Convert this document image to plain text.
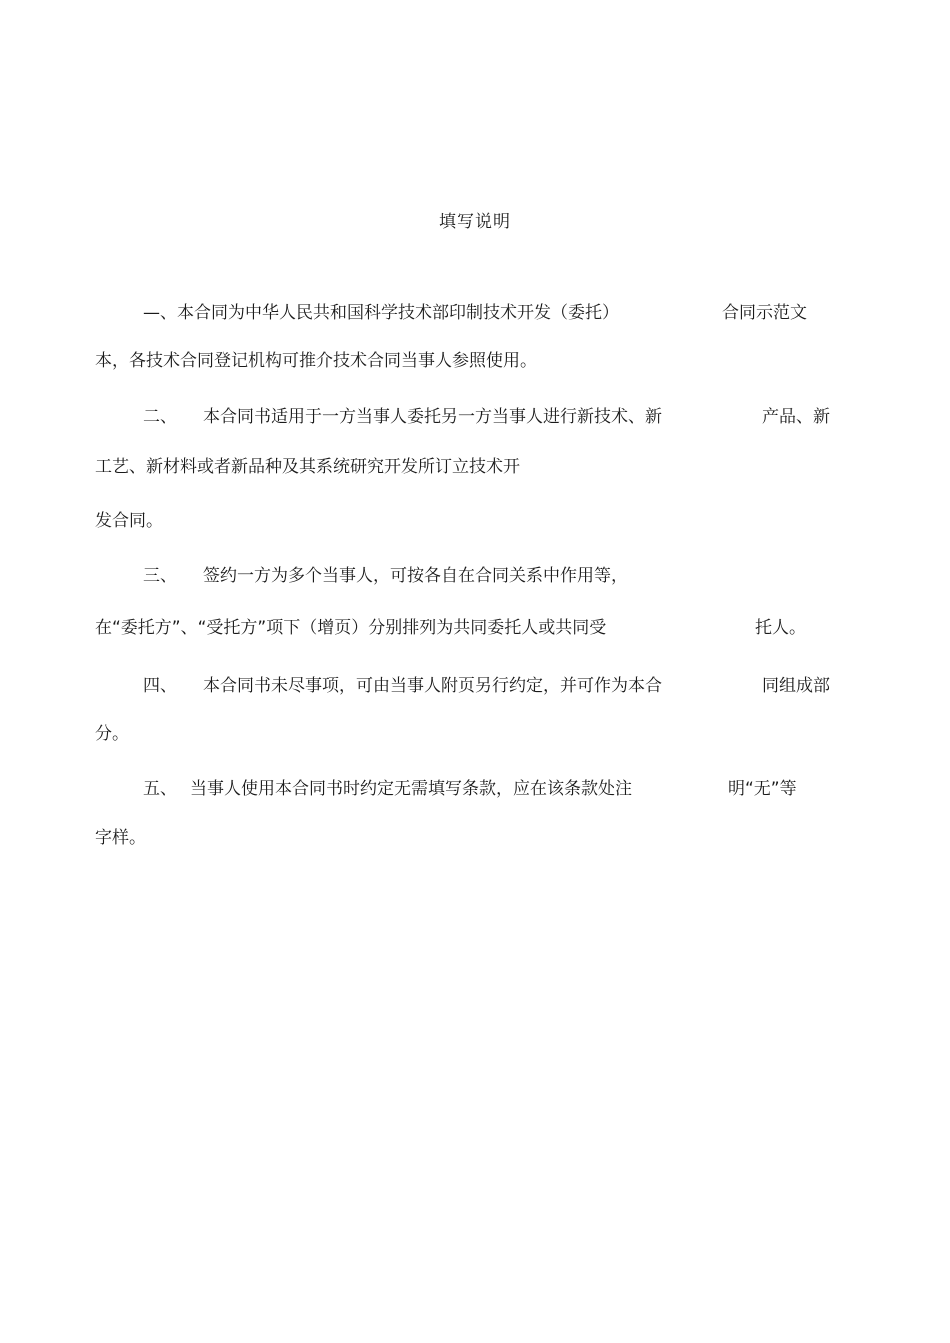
填写说明
—、本合同为中华人民共和国科学技术部印制技术开发（委托）	合同示范文
本，各技术合同登记机构可推介技术合同当事人参照使用。
二、 本合同书适用于一方当事人委托另一方当事人进行新技术、新	产品、新
工艺、新材料或者新品种及其系统研究开发所订立技术开
发合同。
三、 签约一方为多个当事人，可按各自在合同关系中作用等，
在“委托方”、“受托方”项下（增页）分别排列为共同委托人或共同受	托人。
四、 本合同书未尽事项，可由当事人附页另行约定，并可作为本合	同组成部
分。
五、 当事人使用本合同书时约定无需填写条款，应在该条款处注	明“无”等
字样。
